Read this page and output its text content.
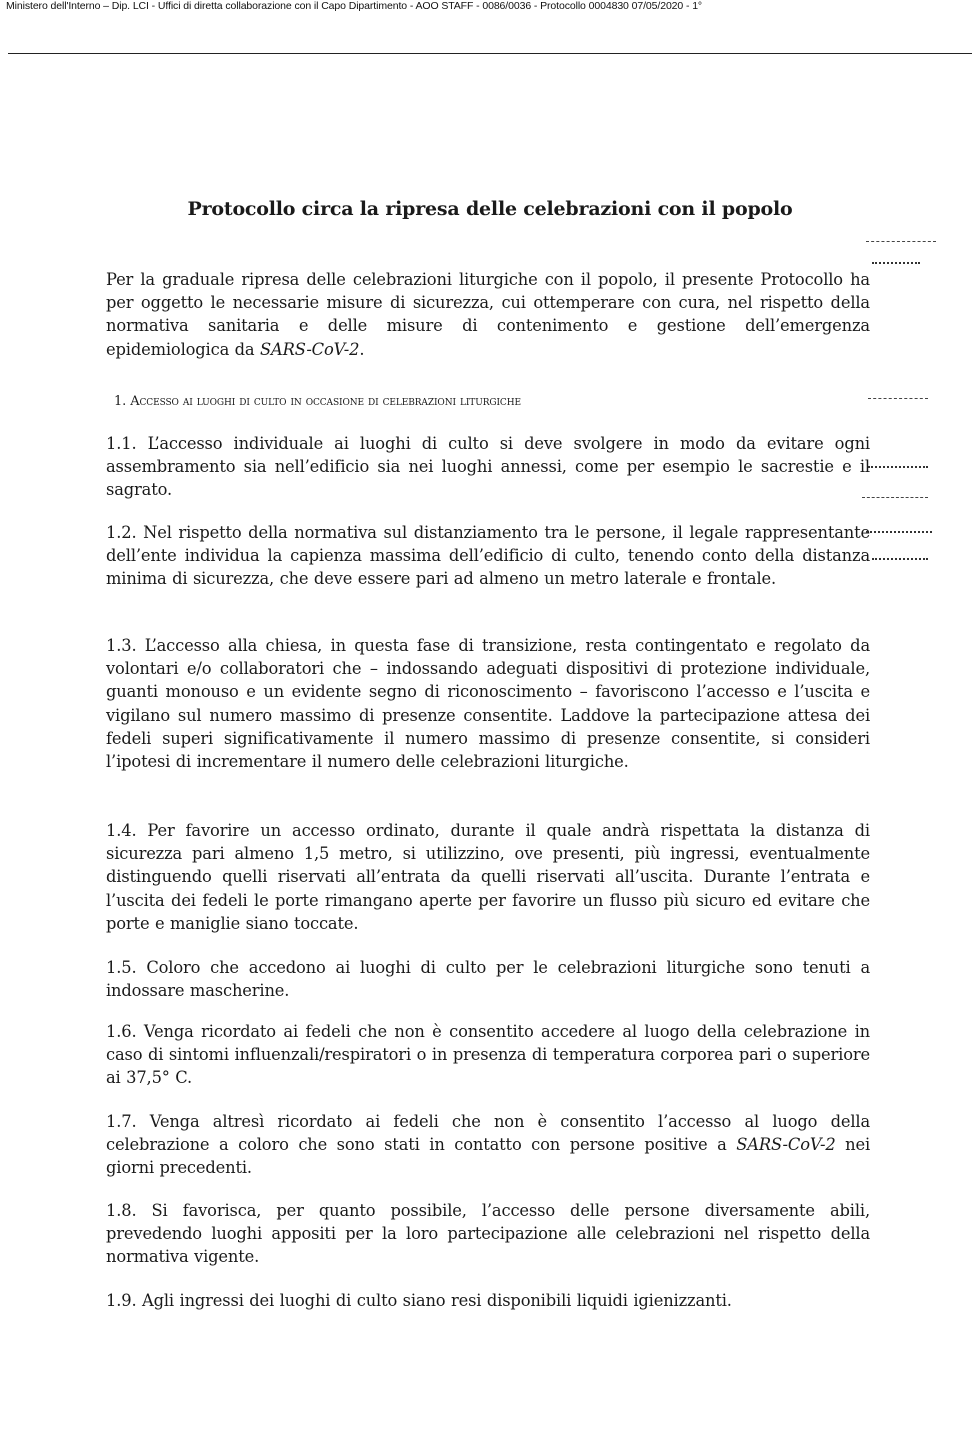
Ministero dell'Interno – Dip. LCI - Uffici di diretta collaborazione con il Capo Dipartimento - AOO STAFF - 0086/0036 - Protocollo 0004830 07/05/2020 - 1°
Protocollo circa la ripresa delle celebrazioni con il popolo

Per la graduale ripresa delle celebrazioni liturgiche con il popolo, il presente Protocollo ha per oggetto le necessarie misure di sicurezza, cui ottemperare con cura, nel rispetto della normativa sanitaria e delle misure di contenimento e gestione dell’emergenza epidemiologica da SARS-CoV-2.

1.1. L’accesso individuale ai luoghi di culto si deve svolgere in modo da evitare ogni assembramento sia nell’edificio sia nei luoghi annessi, come per esempio le sacrestie e il sagrato.

1.2. Nel rispetto della normativa sul distanziamento tra le persone, il legale rappresentante dell’ente individua la capienza massima dell’edificio di culto, tenendo conto della distanza minima di sicurezza, che deve essere pari ad almeno un metro laterale e frontale.

1.3. L’accesso alla chiesa, in questa fase di transizione, resta contingentato e regolato da volontari e/o collaboratori che – indossando adeguati dispositivi di protezione individuale, guanti monouso e un evidente segno di riconoscimento – favoriscono l’accesso e l’uscita e vigilano sul numero massimo di presenze consentite. Laddove la partecipazione attesa dei fedeli superi significativamente il numero massimo di presenze consentite, si consideri l’ipotesi di incrementare il numero delle celebrazioni liturgiche.

1.4. Per favorire un accesso ordinato, durante il quale andrà rispettata la distanza di sicurezza pari almeno 1,5 metro, si utilizzino, ove presenti, più ingressi, eventualmente distinguendo quelli riservati all’entrata da quelli riservati all’uscita. Durante l’entrata e l’uscita dei fedeli le porte rimangano aperte per favorire un flusso più sicuro ed evitare che porte e maniglie siano toccate.

1.5. Coloro che accedono ai luoghi di culto per le celebrazioni liturgiche sono tenuti a indossare mascherine.

1.6. Venga ricordato ai fedeli che non è consentito accedere al luogo della celebrazione in caso di sintomi influenzali/respiratori o in presenza di temperatura corporea pari o superiore ai 37,5° C.

1.7. Venga altresì ricordato ai fedeli che non è consentito l’accesso al luogo della celebrazione a coloro che sono stati in contatto con persone positive a SARS-CoV-2 nei giorni precedenti.

1.8. Si favorisca, per quanto possibile, l’accesso delle persone diversamente abili, prevedendo luoghi appositi per la loro partecipazione alle celebrazioni nel rispetto della normativa vigente.

1.9. Agli ingressi dei luoghi di culto siano resi disponibili liquidi igienizzanti.

1. Accesso ai luoghi di culto in occasione di celebrazioni liturgiche
